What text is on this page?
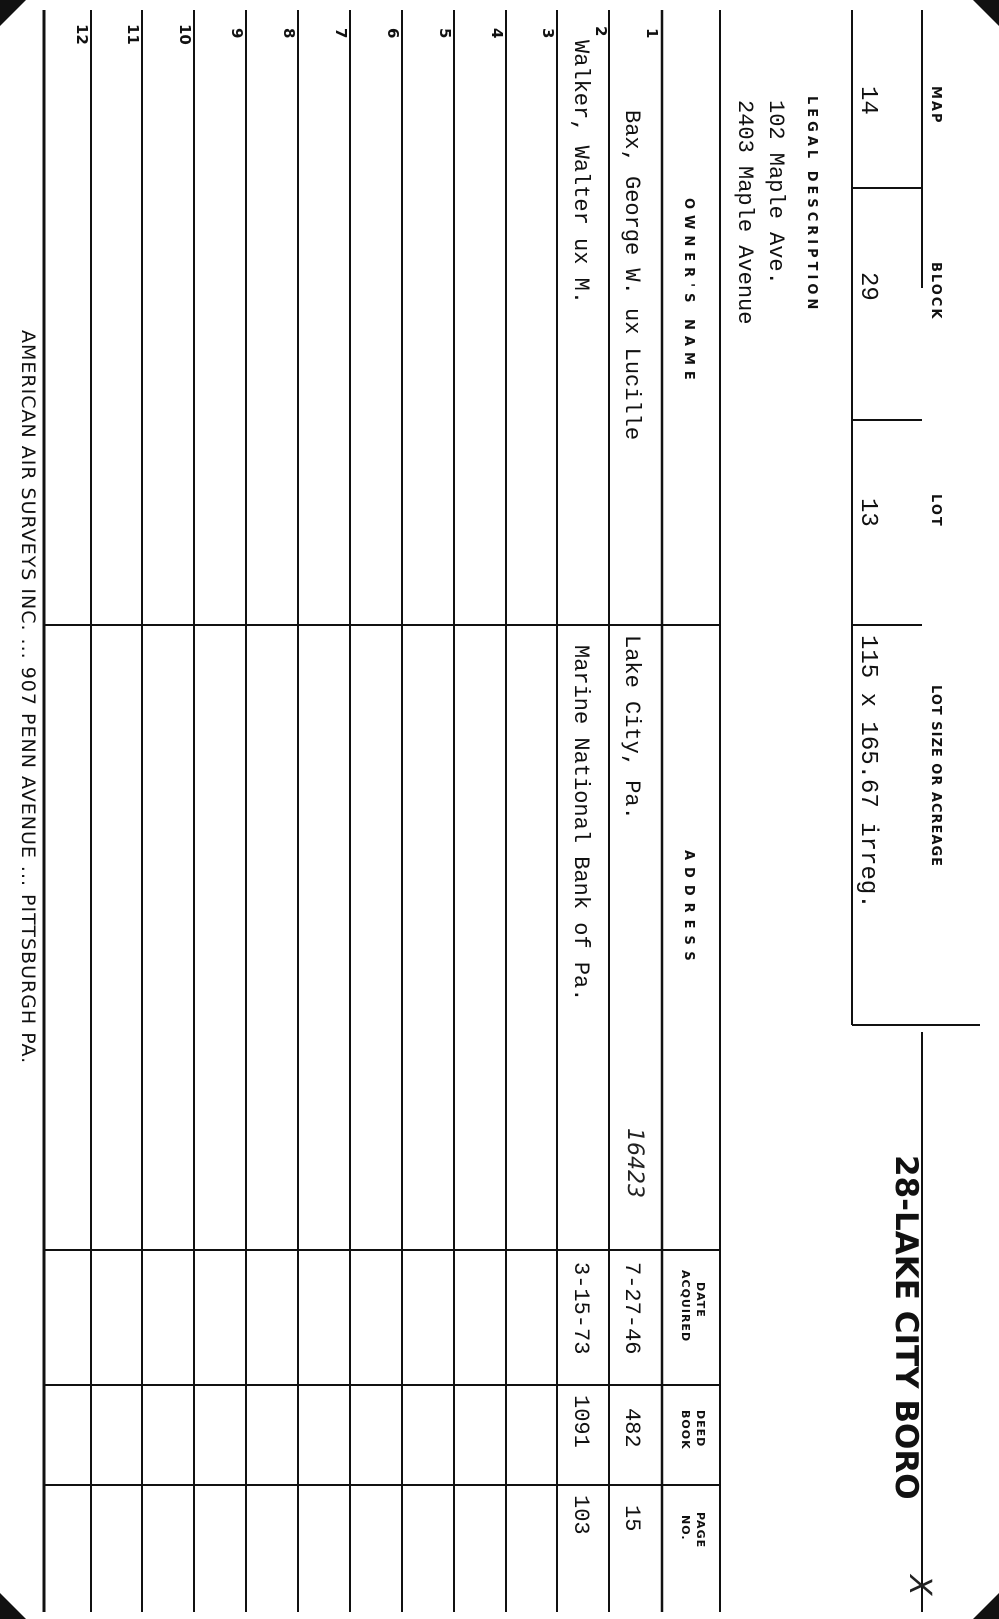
MAP
BLOCK
LOT
LOT SIZE OR ACREAGE
14
29
13
115 x 165.67 irreg.
28-LAKE CITY BORO
X
LEGAL DESCRIPTION
102 Maple Ave.
2403 Maple Avenue
OWNER'S NAME
ADDRESS
DATE
ACQUIRED
DEED
BOOK
PAGE
NO.
1
Bax, George W. ux Lucille
Lake City, Pa.
16423
7-27-46
482
15
2
Walker, Walter ux M.
Marine National Bank of Pa.
3-15-73
1091
103
3
4
5
6
7
8
9
10
11
12
AMERICAN AIR SURVEYS INC. ... 907 PENN AVENUE ... PITTSBURGH PA.
